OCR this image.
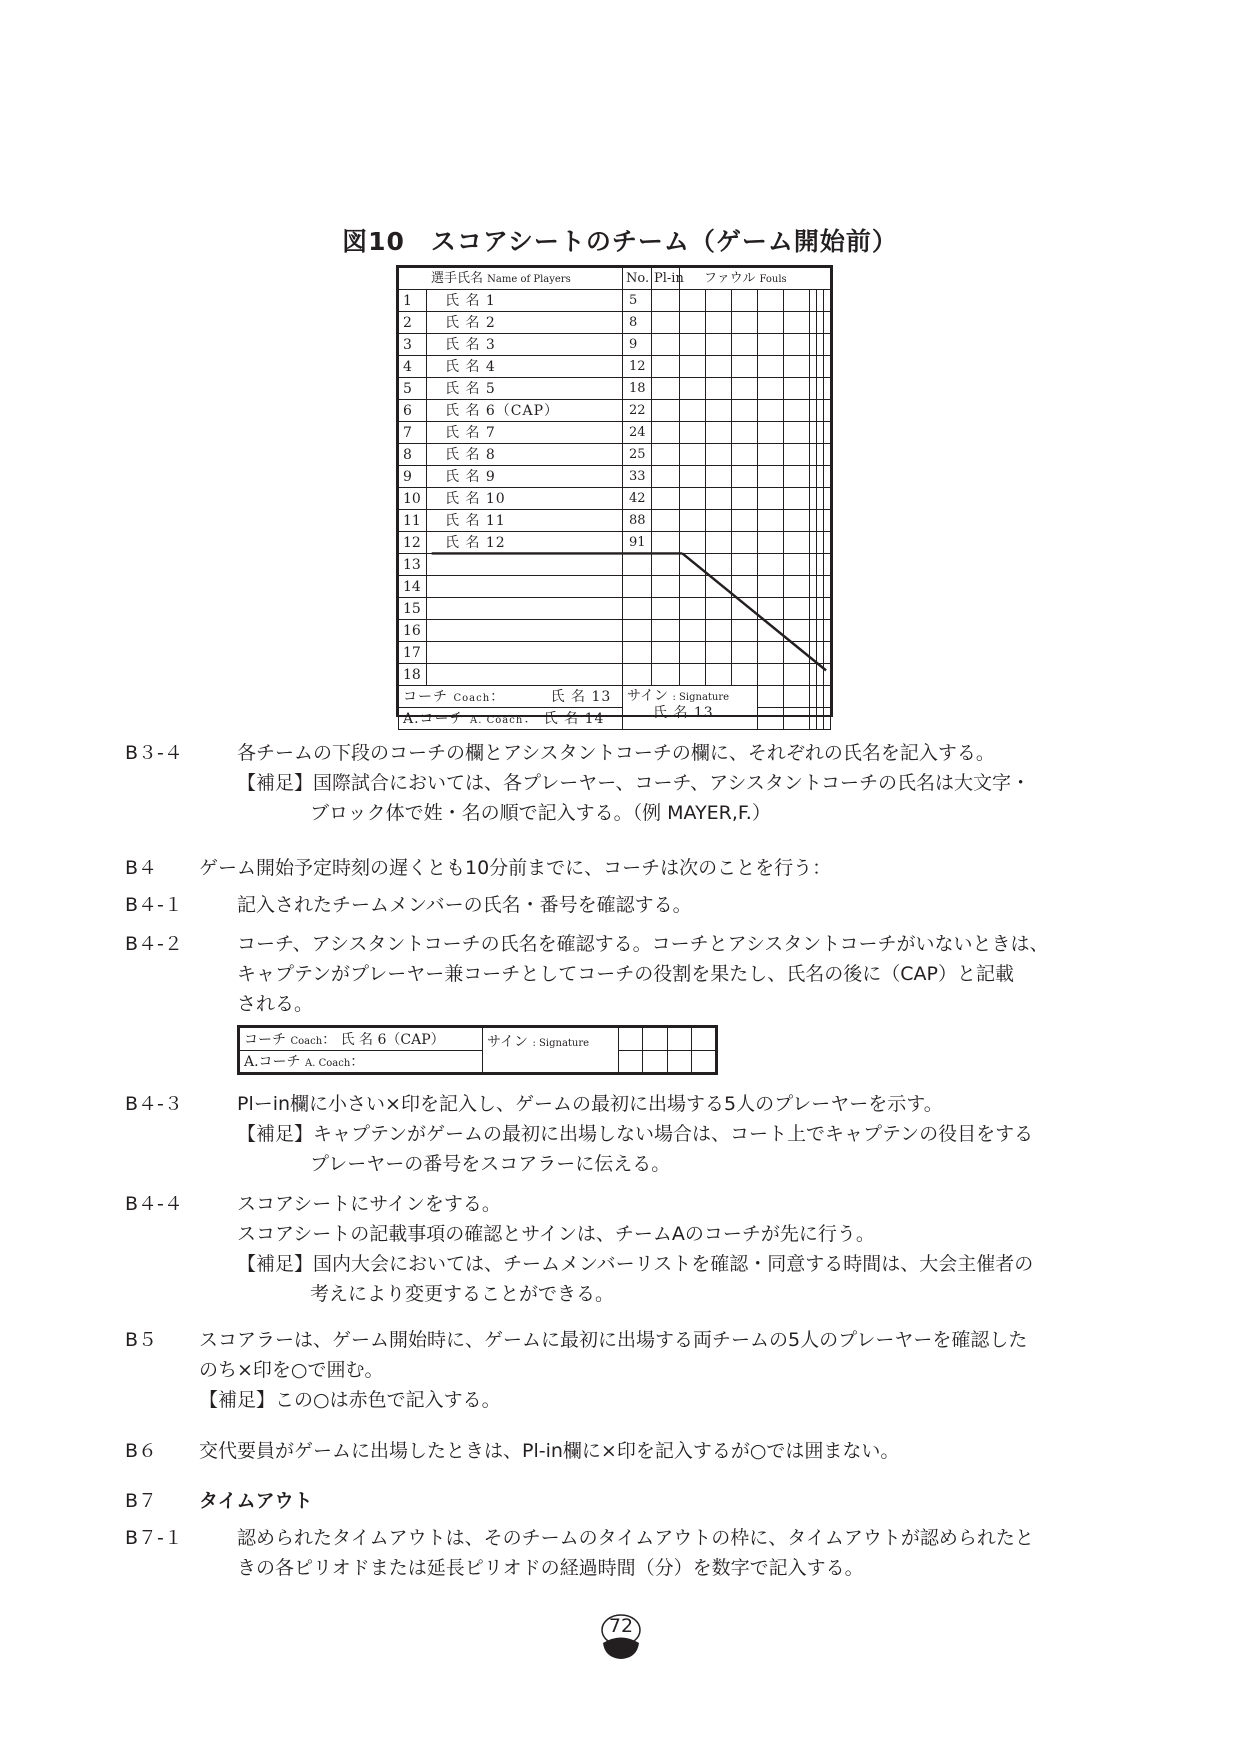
図10　スコアシートのチーム（ゲーム開始前）
選手氏名 Name of Players		No.	Pl-in	ファウル Fouls							
1	氏 名 1	5									
2	氏 名 2	8									
3	氏 名 3	9									
4	氏 名 4	12									
5	氏 名 5	18									
6	氏 名 6（CAP）	22									
7	氏 名 7	24									
8	氏 名 8	25									
9	氏 名 9	33									
10	氏 名 10	42									
11	氏 名 11	88									
12	氏 名 12	91									
13											
14											
15											
16											
17											
18											
コーチ Coach： 氏 名 13		サイン : Signature
氏 名 13									
A.コーチ A. Coach： 氏 名 14											
B３-４	各チームの下段のコーチの欄とアシスタントコーチの欄に、それぞれの氏名を記入する。

【補足】国際試合においては、各プレーヤー、コーチ、アシスタントコーチの氏名は大文字・

ブロック体で姓・名の順で記入する。（例 MAYER,F.）

B４ ゲーム開始予定時刻の遅くとも10分前までに、コーチは次のことを行う：

B４-１	記入されたチームメンバーの氏名・番号を確認する。

B４-２	コーチ、アシスタントコーチの氏名を確認する。コーチとアシスタントコーチがいないときは、

キャプテンがプレーヤー兼コーチとしてコーチの役割を果たし、氏名の後に（CAP）と記載

される。

B４-３	Plーin欄に小さい×印を記入し、ゲームの最初に出場する5人のプレーヤーを示す。

【補足】キャプテンがゲームの最初に出場しない場合は、コート上でキャプテンの役目をする

プレーヤーの番号をスコアラーに伝える。

B４-４	スコアシートにサインをする。

スコアシートの記載事項の確認とサインは、チームAのコーチが先に行う。

【補足】国内大会においては、チームメンバーリストを確認・同意する時間は、大会主催者の

考えにより変更することができる。

B５ スコアラーは、ゲーム開始時に、ゲームに最初に出場する両チームの5人のプレーヤーを確認した

のち×印を○で囲む。

【補足】この○は赤色で記入する。

B６ 交代要員がゲームに出場したときは、Pl-in欄に×印を記入するが○では囲まない。

B７ タイムアウト

B７-１	認められたタイムアウトは、そのチームのタイムアウトの枠に、タイムアウトが認められたと

きの各ピリオドまたは延長ピリオドの経過時間（分）を数字で記入する。

コーチ Coach： 氏 名 6（CAP）	サイン : Signature				
A.コーチ A. Coach：					
72
